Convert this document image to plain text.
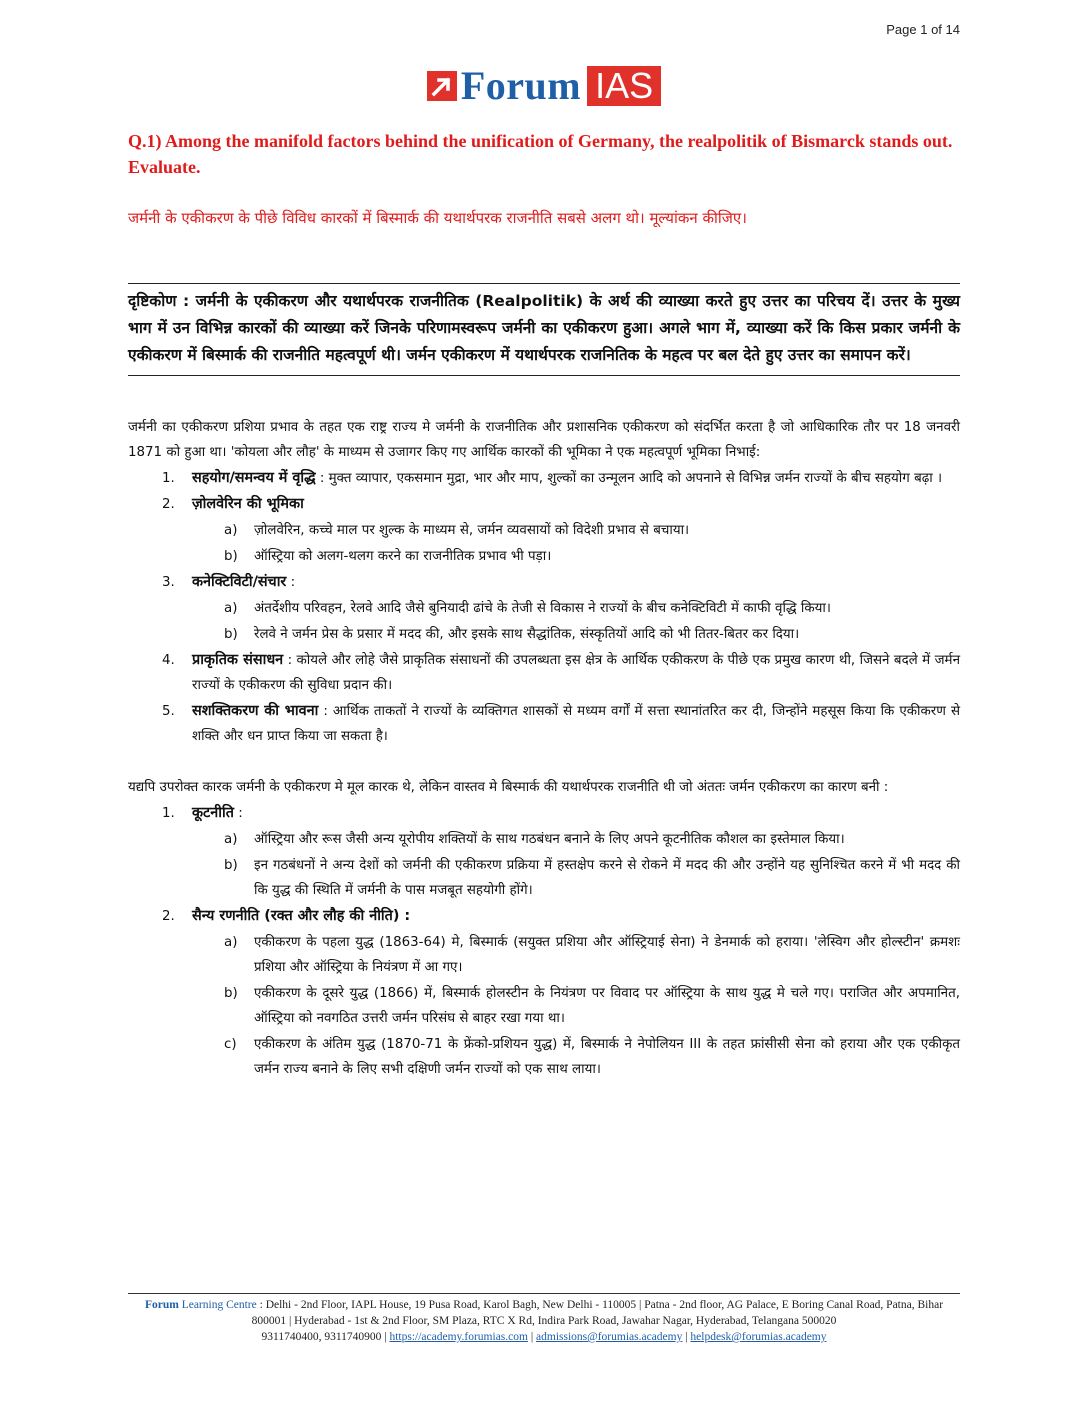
Page 1 of 14
Forum IAS
Q.1) Among the manifold factors behind the unification of Germany, the realpolitik of Bismarck stands out. Evaluate.
जर्मनी के एकीकरण के पीछे विविध कारकों में बिस्मार्क की यथार्थपरक राजनीति सबसे अलग थो। मूल्यांकन कीजिए।
दृष्टिकोण : जर्मनी के एकीकरण और यथार्थपरक राजनीतिक (Realpolitik) के अर्थ की व्याख्या करते हुए उत्तर का परिचय दें। उत्तर के मुख्य भाग में उन विभिन्न कारकों की व्याख्या करें जिनके परिणामस्वरूप जर्मनी का एकीकरण हुआ। अगले भाग में, व्याख्या करें कि किस प्रकार जर्मनी के एकीकरण में बिस्मार्क की राजनीति महत्वपूर्ण थी। जर्मन एकीकरण में यथार्थपरक राजनितिक के महत्व पर बल देते हुए उत्तर का समापन करें।

जर्मनी का एकीकरण प्रशिया प्रभाव के तहत एक राष्ट्र राज्य मे जर्मनी के राजनीतिक और प्रशासनिक एकीकरण को संदर्भित करता है जो आधिकारिक तौर पर 18 जनवरी 1871 को हुआ था। 'कोयला और लौह' के माध्यम से उजागर किए गए आर्थिक कारकों की भूमिका ने एक महत्वपूर्ण भूमिका निभाई:

1.	सहयोग/समन्वय में वृद्धि : मुक्त व्यापार, एकसमान मुद्रा, भार और माप, शुल्कों का उन्मूलन आदि को अपनाने से विभिन्न जर्मन राज्यों के बीच सहयोग बढ़ा ।
2.	ज़ोलवेरिन की भूमिका
a)	ज़ोलवेरिन, कच्चे माल पर शुल्क के माध्यम से, जर्मन व्यवसायों को विदेशी प्रभाव से बचाया।
b)	ऑस्ट्रिया को अलग-थलग करने का राजनीतिक प्रभाव भी पड़ा।
3.	कनेक्टिविटी/संचार :
a)	अंतर्देशीय परिवहन, रेलवे आदि जैसे बुनियादी ढांचे के तेजी से विकास ने राज्यों के बीच कनेक्टिविटी में काफी वृद्धि किया।
b)	रेलवे ने जर्मन प्रेस के प्रसार में मदद की, और इसके साथ सैद्धांतिक, संस्कृतियों आदि को भी तितर-बितर कर दिया।
4.	प्राकृतिक संसाधन : कोयले और लोहे जैसे प्राकृतिक संसाधनों की उपलब्धता इस क्षेत्र के आर्थिक एकीकरण के पीछे एक प्रमुख कारण थी, जिसने बदले में जर्मन राज्यों के एकीकरण की सुविधा प्रदान की।
5.	सशक्तिकरण की भावना : आर्थिक ताकतों ने राज्यों के व्यक्तिगत शासकों से मध्यम वर्गों में सत्ता स्थानांतरित कर दी, जिन्होंने महसूस किया कि एकीकरण से शक्ति और धन प्राप्त किया जा सकता है।

यद्यपि उपरोक्त कारक जर्मनी के एकीकरण मे मूल कारक थे, लेकिन वास्तव मे बिस्मार्क की यथार्थपरक राजनीति थी जो अंततः जर्मन एकीकरण का कारण बनी :

1.	कूटनीति :
a)	ऑस्ट्रिया और रूस जैसी अन्य यूरोपीय शक्तियों के साथ गठबंधन बनाने के लिए अपने कूटनीतिक कौशल का इस्तेमाल किया।
b)	इन गठबंधनों ने अन्य देशों को जर्मनी की एकीकरण प्रक्रिया में हस्तक्षेप करने से रोकने में मदद की और उन्होंने यह सुनिश्चित करने में भी मदद की कि युद्ध की स्थिति में जर्मनी के पास मजबूत सहयोगी होंगे।
2.	सैन्य रणनीति (रक्त और लौह की नीति) :
a)	एकीकरण के पहला युद्ध (1863-64) मे, बिस्मार्क (सयुक्त प्रशिया और ऑस्ट्रियाई सेना) ने डेनमार्क को हराया। 'लेस्विग और होल्स्टीन' क्रमशः प्रशिया और ऑस्ट्रिया के नियंत्रण में आ गए।
b)	एकीकरण के दूसरे युद्ध (1866) में, बिस्मार्क होलस्टीन के नियंत्रण पर विवाद पर ऑस्ट्रिया के साथ युद्ध मे चले गए। पराजित और अपमानित, ऑस्ट्रिया को नवगठित उत्तरी जर्मन परिसंघ से बाहर रखा गया था।
c)	एकीकरण के अंतिम युद्ध (1870-71 के फ्रेंको-प्रशियन युद्ध) में, बिस्मार्क ने नेपोलियन III के तहत फ्रांसीसी सेना को हराया और एक एकीकृत जर्मन राज्य बनाने के लिए सभी दक्षिणी जर्मन राज्यों को एक साथ लाया।
Forum Learning Centre : Delhi - 2nd Floor, IAPL House, 19 Pusa Road, Karol Bagh, New Delhi - 110005 | Patna - 2nd floor, AG Palace, E Boring Canal Road, Patna, Bihar 800001 | Hyderabad - 1st & 2nd Floor, SM Plaza, RTC X Rd, Indira Park Road, Jawahar Nagar, Hyderabad, Telangana 500020
9311740400, 9311740900 | https://academy.forumias.com | admissions@forumias.academy | helpdesk@forumias.academy
